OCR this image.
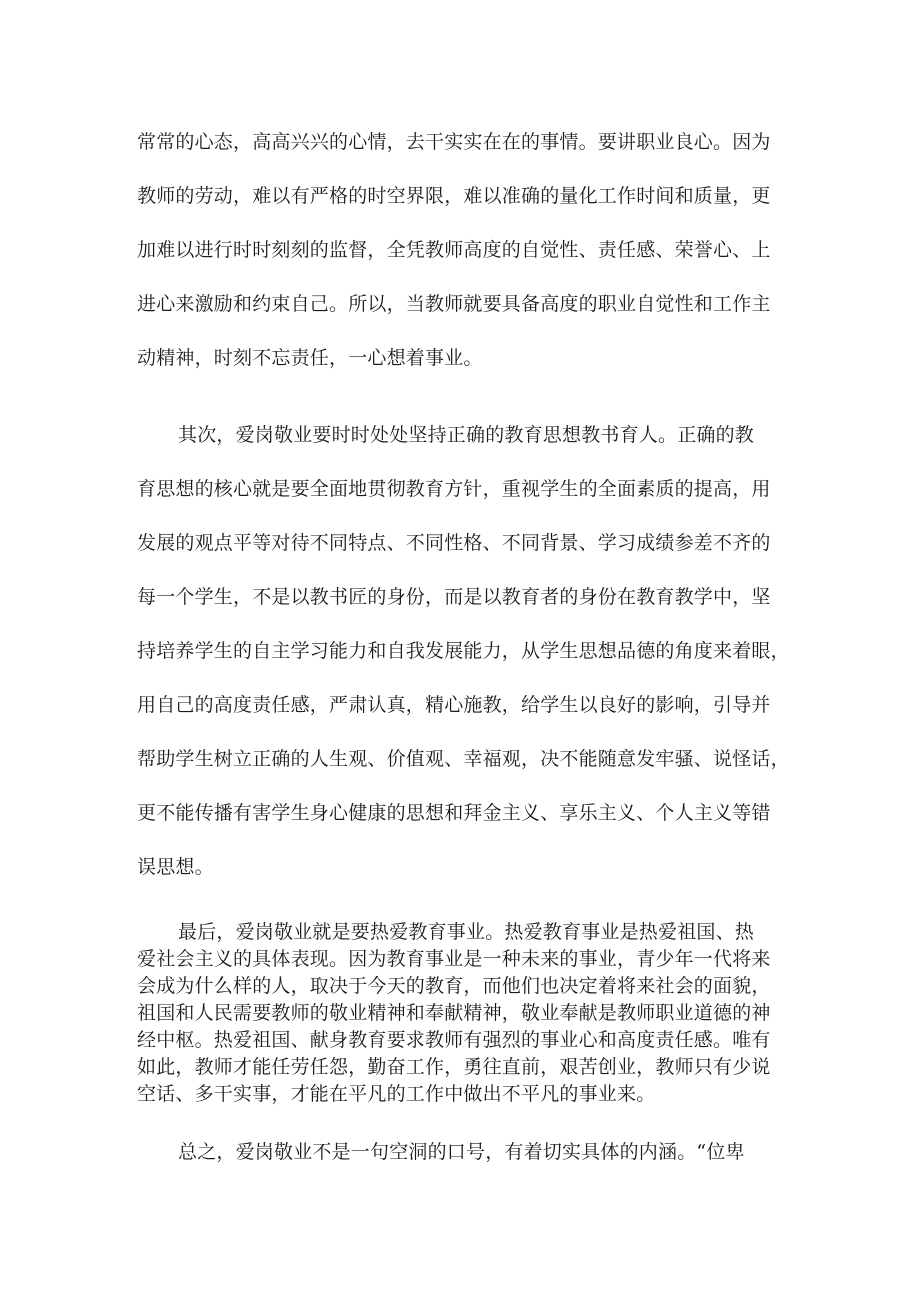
常常的心态，高高兴兴的心情，去干实实在在的事情。要讲职业良心。因为
教师的劳动，难以有严格的时空界限，难以准确的量化工作时间和质量，更
加难以进行时时刻刻的监督，全凭教师高度的自觉性、责任感、荣誉心、上
进心来激励和约束自己。所以，当教师就要具备高度的职业自觉性和工作主
动精神，时刻不忘责任，一心想着事业。
其次，爱岗敬业要时时处处坚持正确的教育思想教书育人。正确的教
育思想的核心就是要全面地贯彻教育方针，重视学生的全面素质的提高，用
发展的观点平等对待不同特点、不同性格、不同背景、学习成绩参差不齐的
每一个学生，不是以教书匠的身份，而是以教育者的身份在教育教学中，坚
持培养学生的自主学习能力和自我发展能力，从学生思想品德的角度来着眼，
用自己的高度责任感，严肃认真，精心施教，给学生以良好的影响，引导并
帮助学生树立正确的人生观、价值观、幸福观，决不能随意发牢骚、说怪话，
更不能传播有害学生身心健康的思想和拜金主义、享乐主义、个人主义等错
误思想。
最后，爱岗敬业就是要热爱教育事业。热爱教育事业是热爱祖国、热
爱社会主义的具体表现。因为教育事业是一种未来的事业，青少年一代将来
会成为什么样的人，取决于今天的教育，而他们也决定着将来社会的面貌，
祖国和人民需要教师的敬业精神和奉献精神，敬业奉献是教师职业道德的神
经中枢。热爱祖国、献身教育要求教师有强烈的事业心和高度责任感。唯有
如此，教师才能任劳任怨，勤奋工作，勇往直前，艰苦创业，教师只有少说
空话、多干实事，才能在平凡的工作中做出不平凡的事业来。
总之，爱岗敬业不是一句空洞的口号，有着切实具体的内涵。“位卑
